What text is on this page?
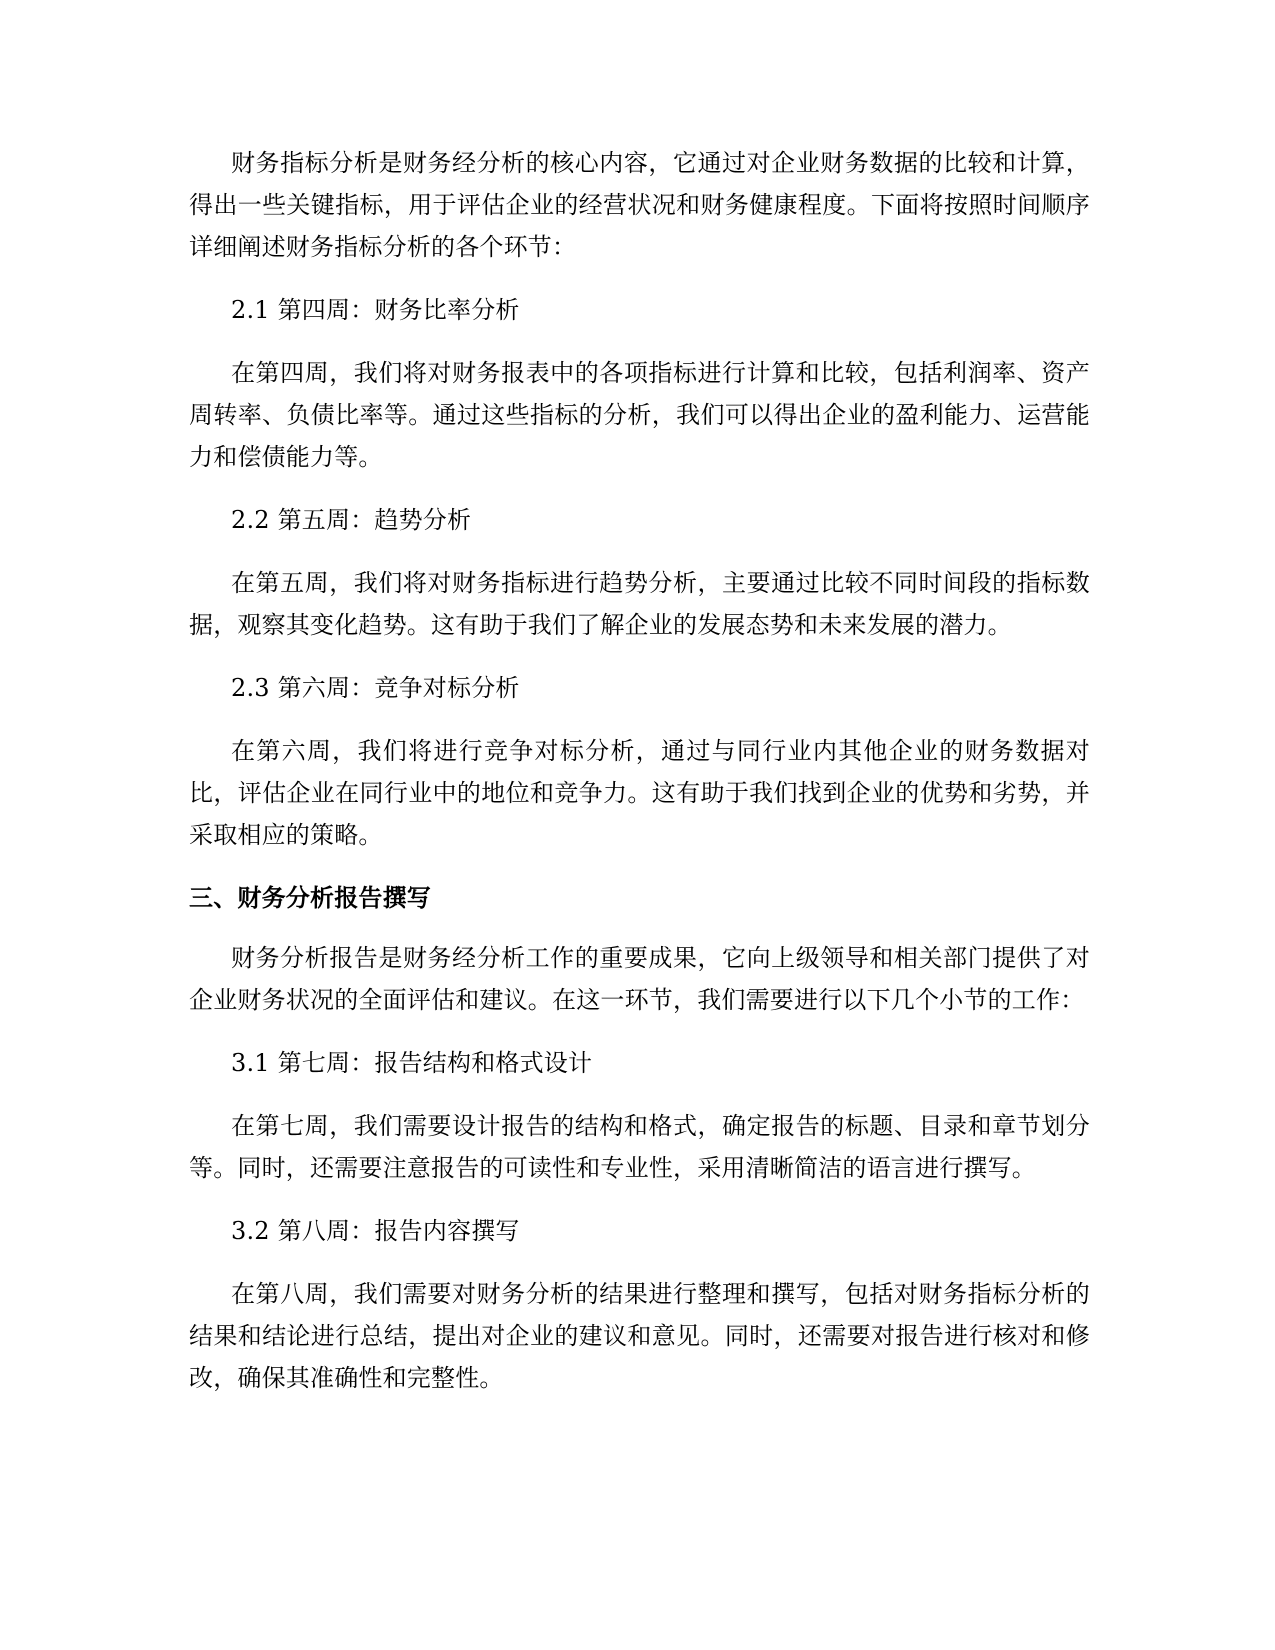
财务指标分析是财务经分析的核心内容，它通过对企业财务数据的比较和计算，得出一些关键指标，用于评估企业的经营状况和财务健康程度。下面将按照时间顺序详细阐述财务指标分析的各个环节：

2.1 第四周：财务比率分析

在第四周，我们将对财务报表中的各项指标进行计算和比较，包括利润率、资产周转率、负债比率等。通过这些指标的分析，我们可以得出企业的盈利能力、运营能力和偿债能力等。

2.2 第五周：趋势分析

在第五周，我们将对财务指标进行趋势分析，主要通过比较不同时间段的指标数据，观察其变化趋势。这有助于我们了解企业的发展态势和未来发展的潜力。

2.3 第六周：竞争对标分析

在第六周，我们将进行竞争对标分析，通过与同行业内其他企业的财务数据对比，评估企业在同行业中的地位和竞争力。这有助于我们找到企业的优势和劣势，并采取相应的策略。

三、财务分析报告撰写

财务分析报告是财务经分析工作的重要成果，它向上级领导和相关部门提供了对企业财务状况的全面评估和建议。在这一环节，我们需要进行以下几个小节的工作：

3.1 第七周：报告结构和格式设计

在第七周，我们需要设计报告的结构和格式，确定报告的标题、目录和章节划分等。同时，还需要注意报告的可读性和专业性，采用清晰简洁的语言进行撰写。

3.2 第八周：报告内容撰写

在第八周，我们需要对财务分析的结果进行整理和撰写，包括对财务指标分析的结果和结论进行总结，提出对企业的建议和意见。同时，还需要对报告进行核对和修改，确保其准确性和完整性。
